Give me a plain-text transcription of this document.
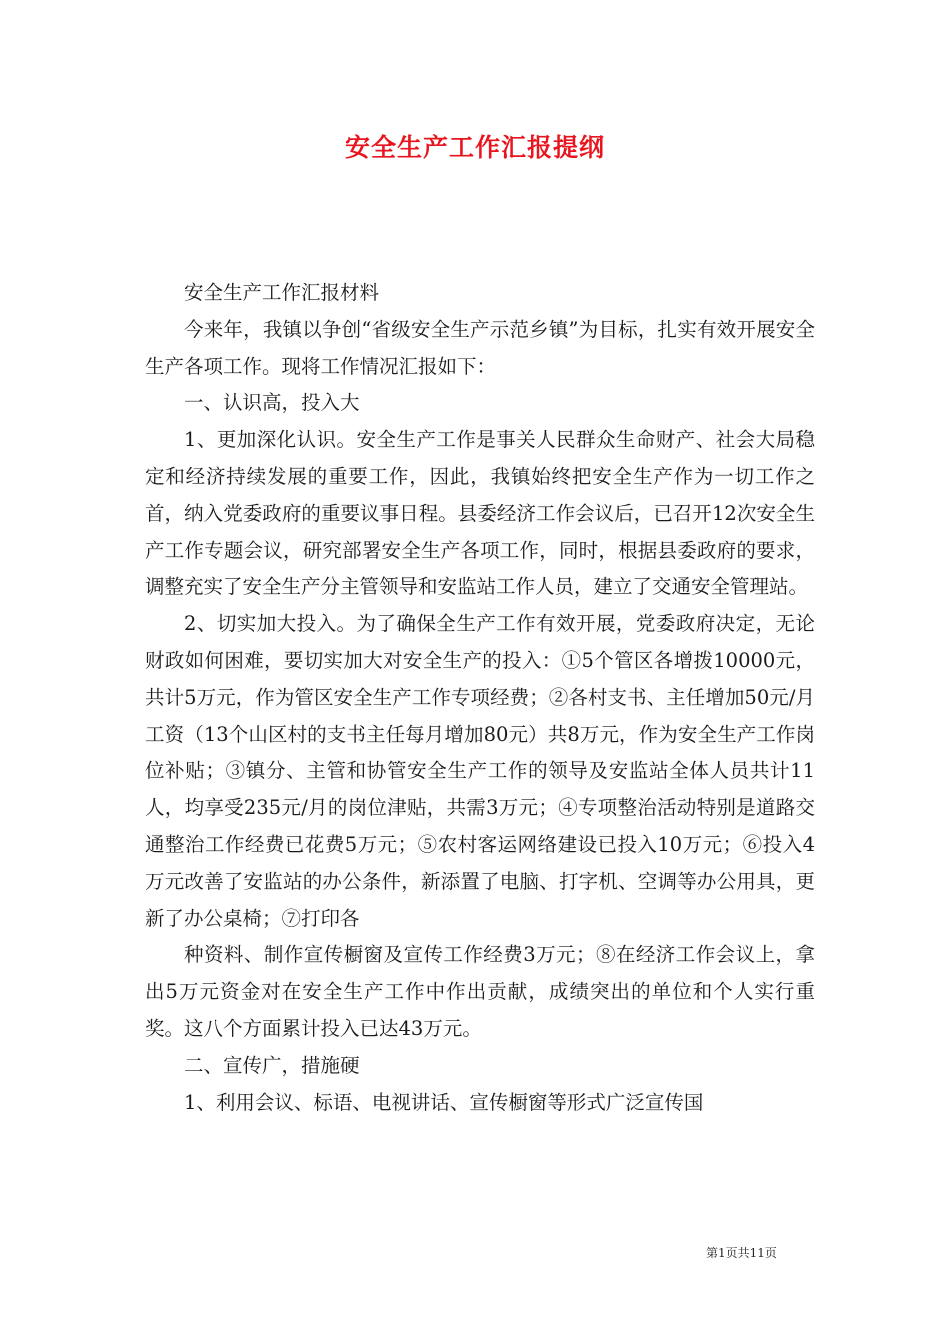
安全生产工作汇报提纲

安全生产工作汇报材料

今来年，我镇以争创“省级安全生产示范乡镇”为目标，扎实有效开展安全生产各项工作。现将工作情况汇报如下：

一、认识高，投入大

1、更加深化认识。安全生产工作是事关人民群众生命财产、社会大局稳定和经济持续发展的重要工作，因此，我镇始终把安全生产作为一切工作之首，纳入党委政府的重要议事日程。县委经济工作会议后，已召开12次安全生产工作专题会议，研究部署安全生产各项工作，同时，根据县委政府的要求，调整充实了安全生产分主管领导和安监站工作人员，建立了交通安全管理站。

2、切实加大投入。为了确保全生产工作有效开展，党委政府决定，无论财政如何困难，要切实加大对安全生产的投入：①5个管区各增拨10000元，共计5万元，作为管区安全生产工作专项经费；②各村支书、主任增加50元/月工资（13个山区村的支书主任每月增加80元）共8万元，作为安全生产工作岗位补贴；③镇分、主管和协管安全生产工作的领导及安监站全体人员共计11人，均享受235元/月的岗位津贴，共需3万元；④专项整治活动特别是道路交通整治工作经费已花费5万元；⑤农村客运网络建设已投入10万元；⑥投入4万元改善了安监站的办公条件，新添置了电脑、打字机、空调等办公用具，更新了办公桌椅；⑦打印各

种资料、制作宣传橱窗及宣传工作经费3万元；⑧在经济工作会议上，拿出5万元资金对在安全生产工作中作出贡献，成绩突出的单位和个人实行重奖。这八个方面累计投入已达43万元。

二、宣传广，措施硬

1、利用会议、标语、电视讲话、宣传橱窗等形式广泛宣传国

第1页共11页
